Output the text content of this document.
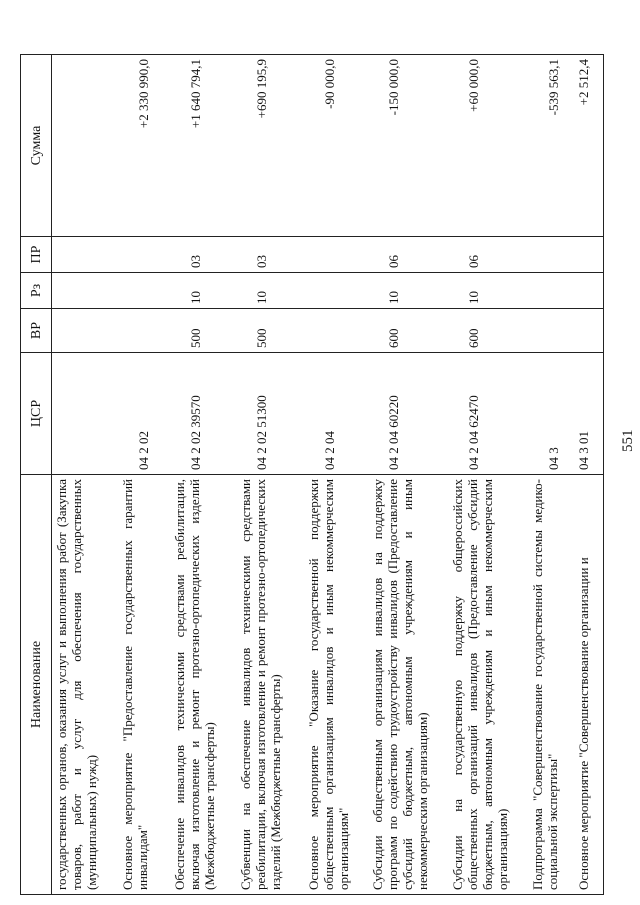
551
Наименование	ЦСР	ВР	Рз	ПР	Сумма
государственных органов, оказания услуг и выполнения работ (Закупка товаров, работ и услуг для обеспечения государственных (муниципальных) нужд)					
Основное мероприятие "Предоставление государственных гарантий инвалидам"	04 2 02				+2 330 990,0
Обеспечение инвалидов техническими средствами реабилитации, включая изготовление и ремонт протезно-ортопедических изделий (Межбюджетные трансферты)	04 2 02 39570	500	10	03	+1 640 794,1
Субвенции на обеспечение инвалидов техническими средствами реабилитации, включая изготовление и ремонт протезно-ортопедических изделий (Межбюджетные трансферты)	04 2 02 51300	500	10	03	+690 195,9
Основное мероприятие "Оказание государственной поддержки общественным организациям инвалидов и иным некоммерческим организациям"	04 2 04				-90 000,0
Субсидии общественным организациям инвалидов на поддержку программ по содействию трудоустройству инвалидов (Предоставление субсидий бюджетным, автономным учреждениям и иным некоммерческим организациям)	04 2 04 60220	600	10	06	-150 000,0
Субсидии на государственную поддержку общероссийских общественных организаций инвалидов (Предоставление субсидий бюджетным, автономным учреждениям и иным некоммерческим организациям)	04 2 04 62470	600	10	06	+60 000,0
Подпрограмма "Совершенствование государственной системы медико-социальной экспертизы"	04 3				-539 563,1
Основное мероприятие "Совершенствование организации и	04 3 01				+2 512,4
